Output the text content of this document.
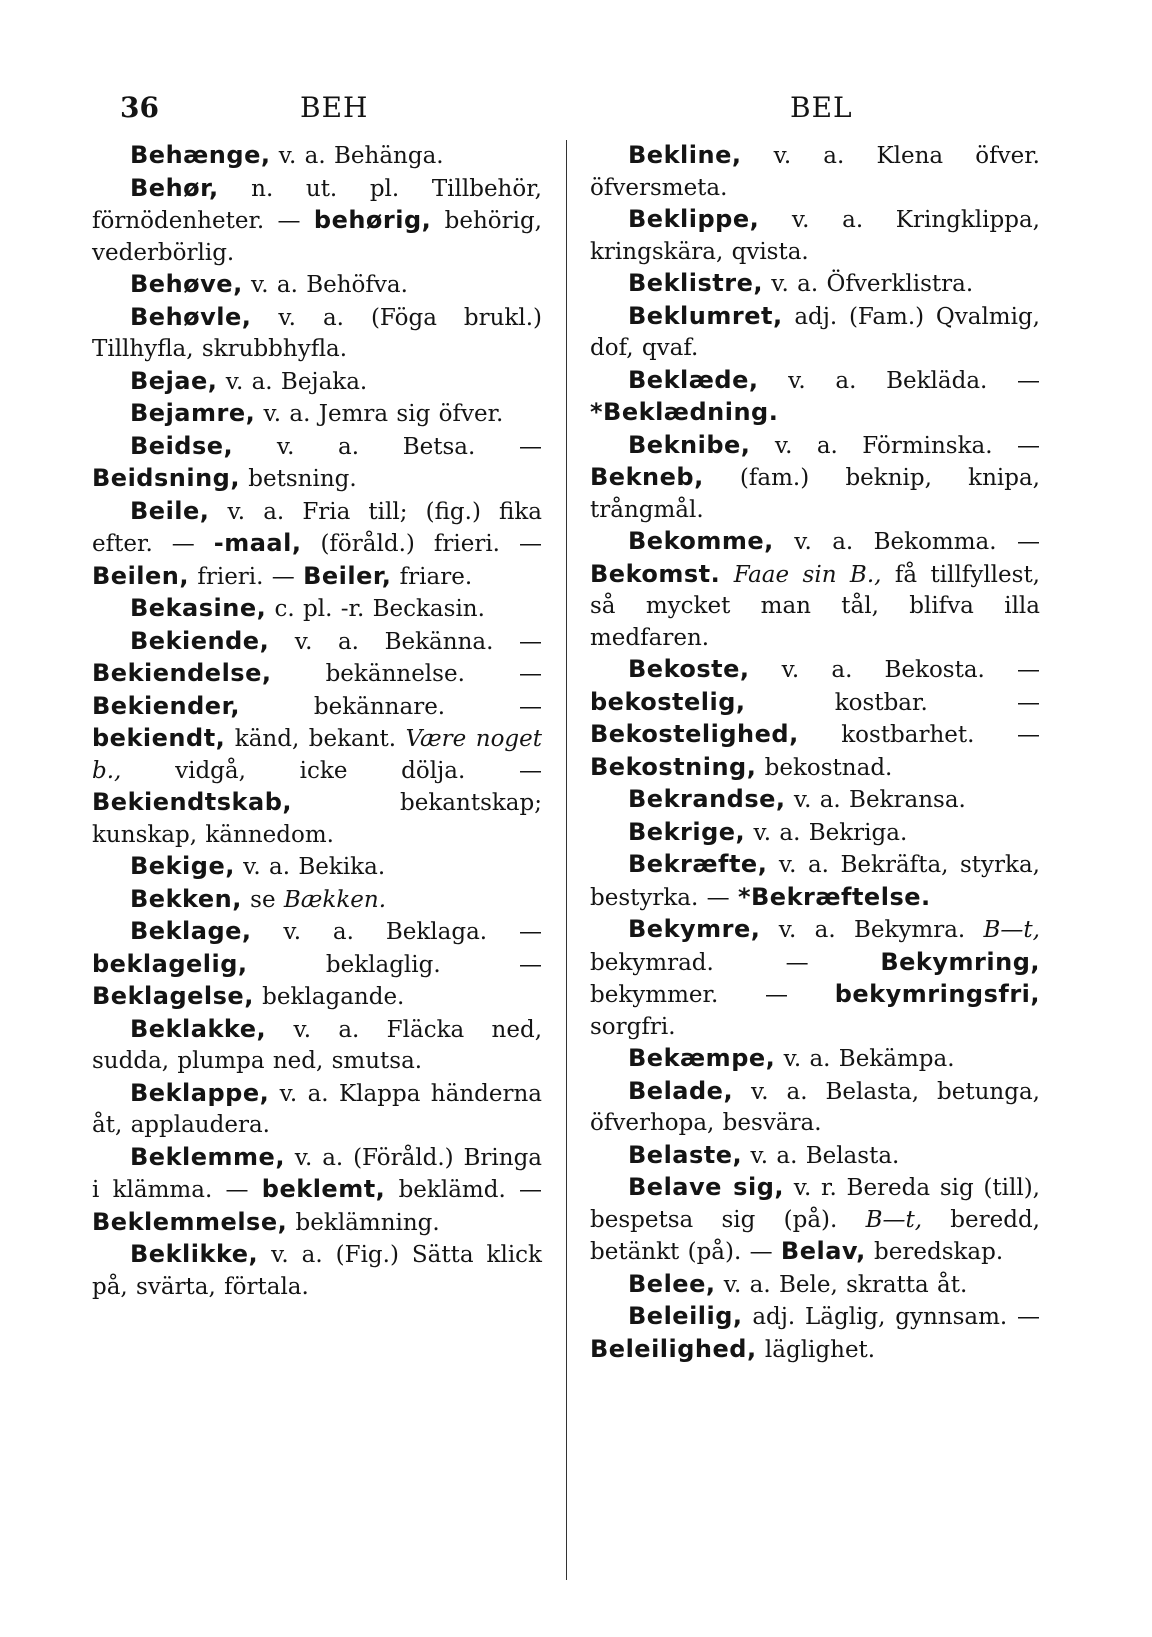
36	BEH	BEL

Behænge, v. a. Behänga.

Behør, n. ut. pl. Tillbehör, förnödenheter. — behørig, behörig, vederbörlig.

Behøve, v. a. Behöfva.

Behøvle, v. a. (Föga brukl.) Tillhyfla, skrubbhyfla.

Bejae, v. a. Bejaka.

Bejamre, v. a. Jemra sig öfver.

Beidse, v. a. Betsa. — Beidsning, betsning.

Beile, v. a. Fria till; (fig.) fika efter. — -maal, (föråld.) frieri. — Beilen, frieri. — Beiler, friare.

Bekasine, c. pl. -r. Beckasin.

Bekiende, v. a. Bekänna. — Bekiendelse, bekännelse. — Bekiender, bekännare. — bekiendt, känd, bekant. Være noget b., vidgå, icke dölja. — Bekiendtskab, bekantskap; kunskap, kännedom.

Bekige, v. a. Bekika.

Bekken, se Bækken.

Beklage, v. a. Beklaga. — beklagelig, beklaglig. — Beklagelse, beklagande.

Beklakke, v. a. Fläcka ned, sudda, plumpa ned, smutsa.

Beklappe, v. a. Klappa händerna åt, applaudera.

Beklemme, v. a. (Föråld.) Bringa i klämma. — beklemt, beklämd. — Beklemmelse, beklämning.

Beklikke, v. a. (Fig.) Sätta klick på, svärta, förtala.

Bekline, v. a. Klena öfver. öfversmeta.

Beklippe, v. a. Kringklippa, kringskära, qvista.

Beklistre, v. a. Öfverklistra.

Beklumret, adj. (Fam.) Qvalmig, dof, qvaf.

Beklæde, v. a. Bekläda. — *Beklædning.

Beknibe, v. a. Förminska. — Bekneb, (fam.) beknip, knipa, trångmål.

Bekomme, v. a. Bekomma. — Bekomst. Faae sin B., få tillfyllest, så mycket man tål, blifva illa medfaren.

Bekoste, v. a. Bekosta. — bekostelig, kostbar. — Bekostelighed, kostbarhet. — Bekostning, bekostnad.

Bekrandse, v. a. Bekransa.

Bekrige, v. a. Bekriga.

Bekræfte, v. a. Bekräfta, styrka, bestyrka. — *Bekræftelse.

Bekymre, v. a. Bekymra. B—t, bekymrad. — Bekymring, bekymmer. — bekymringsfri, sorgfri.

Bekæmpe, v. a. Bekämpa.

Belade, v. a. Belasta, betunga, öfverhopa, besvära.

Belaste, v. a. Belasta.

Belave sig, v. r. Bereda sig (till), bespetsa sig (på). B—t, beredd, betänkt (på). — Belav, beredskap.

Belee, v. a. Bele, skratta åt.

Beleilig, adj. Läglig, gynnsam. — Beleilighed, läglighet.
